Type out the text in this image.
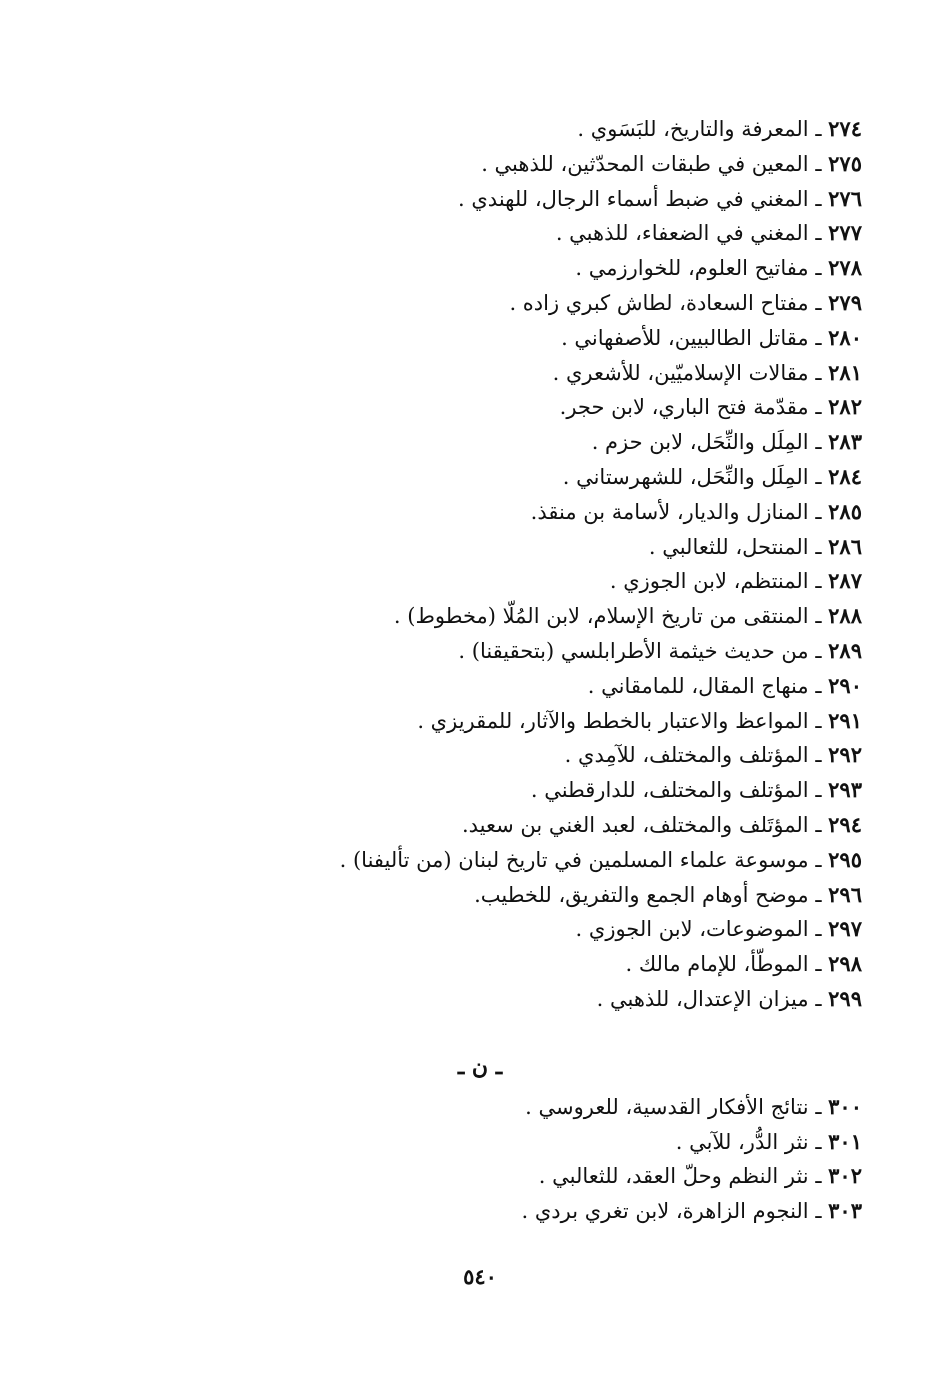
٢٧٤ ـ المعرفة والتاريخ، للبَسَوي .
٢٧٥ ـ المعين في طبقات المحدّثين، للذهبي .
٢٧٦ ـ المغني في ضبط أسماء الرجال، للهندي .
٢٧٧ ـ المغني في الضعفاء، للذهبي .
٢٧٨ ـ مفاتيح العلوم، للخوارزمي .
٢٧٩ ـ مفتاح السعادة، لطاش كبري زاده .
٢٨٠ ـ مقاتل الطالبيين، للأصفهاني .
٢٨١ ـ مقالات الإسلاميّين، للأشعري .
٢٨٢ ـ مقدّمة فتح الباري، لابن حجر.
٢٨٣ ـ المِلَل والنِّحَل، لابن حزم .
٢٨٤ ـ المِلَل والنِّحَل، للشهرستاني .
٢٨٥ ـ المنازل والديار، لأسامة بن منقذ.
٢٨٦ ـ المنتحل، للثعالبي .
٢٨٧ ـ المنتظم، لابن الجوزي .
٢٨٨ ـ المنتقى من تاريخ الإسلام، لابن المُلّا (مخطوط) .
٢٨٩ ـ من حديث خيثمة الأطرابلسي (بتحقيقنا) .
٢٩٠ ـ منهاج المقال، للمامقاني .
٢٩١ ـ المواعظ والاعتبار بالخطط والآثار، للمقريزي .
٢٩٢ ـ المؤتلف والمختلف، للآمِدي .
٢٩٣ ـ المؤتلف والمختلف، للدارقطني .
٢٩٤ ـ المؤتَلف والمختلف، لعبد الغني بن سعيد.
٢٩٥ ـ موسوعة علماء المسلمين في تاريخ لبنان (من تأليفنا) .
٢٩٦ ـ موضح أوهام الجمع والتفريق، للخطيب.
٢٩٧ ـ الموضوعات، لابن الجوزي .
٢٩٨ ـ الموطّأ، للإمام مالك .
٢٩٩ ـ ميزان الإعتدال، للذهبي .
ـ ن ـ
٣٠٠ ـ نتائج الأفكار القدسية، للعروسي .
٣٠١ ـ نثر الدُّر، للآبي .
٣٠٢ ـ نثر النظم وحلّ العقد، للثعالبي .
٣٠٣ ـ النجوم الزاهرة، لابن تغري بردي .
٥٤٠
